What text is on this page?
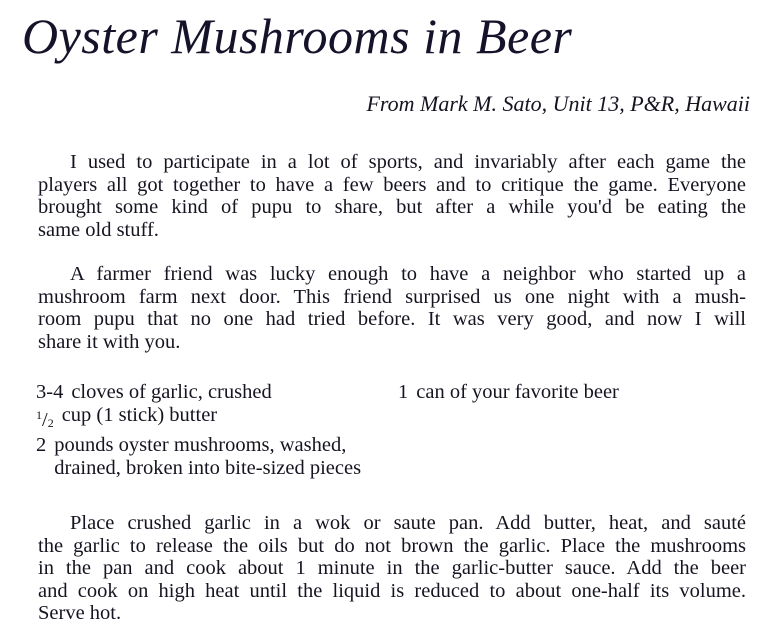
Oyster Mushrooms in Beer
From Mark M. Sato, Unit 13, P&R, Hawaii
I used to participate in a lot of sports, and invariably after each game the
players all got together to have a few beers and to critique the game. Everyone
brought some kind of pupu to share, but after a while you'd be eating the
same old stuff.
A farmer friend was lucky enough to have a neighbor who started up a
mushroom farm next door. This friend surprised us one night with a mush-
room pupu that no one had tried before. It was very good, and now I will
share it with you.
3-4 cloves of garlic, crushed
$^1/_2$ cup (1 stick) butter
2 pounds oyster mushrooms, washed,
drained, broken into bite-sized pieces
1 can of your favorite beer
Place crushed garlic in a wok or saute pan. Add butter, heat, and sauté
the garlic to release the oils but do not brown the garlic. Place the mushrooms
in the pan and cook about 1 minute in the garlic-butter sauce. Add the beer
and cook on high heat until the liquid is reduced to about one-half its volume.
Serve hot.
